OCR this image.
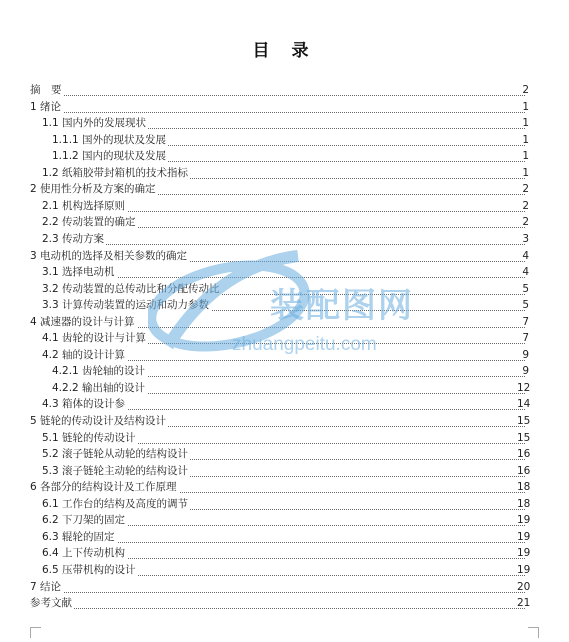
目 录
摘　要	2
1 绪论	1
1.1 国内外的发展现状	1
1.1.1 国外的现状及发展	1
1.1.2 国内的现状及发展	1
1.2 纸箱胶带封箱机的技术指标	1
2 使用性分析及方案的确定	2
2.1 机构选择原则	2
2.2 传动装置的确定	2
2.3 传动方案	3
3 电动机的选择及相关参数的确定	4
3.1 选择电动机	4
3.2 传动装置的总传动比和分配传动比	5
3.3 计算传动装置的运动和动力参数	5
4 减速器的设计与计算	7
4.1 齿轮的设计与计算	7
4.2 轴的设计计算	9
4.2.1 齿轮轴的设计	9
4.2.2 输出轴的设计	12
4.3 箱体的设计参	14
5 链轮的传动设计及结构设计	15
5.1 链轮的传动设计	15
5.2 滚子链轮从动轮的结构设计	16
5.3 滚子链轮主动轮的结构设计	16
6 各部分的结构设计及工作原理	18
6.1 工作台的结构及高度的调节	18
6.2 下刀架的固定	19
6.3 辊轮的固定	19
6.4 上下传动机构	19
6.5 压带机构的设计	19
7 结论	20
参考文献	21
装配图网
zhuangpeitu.com
